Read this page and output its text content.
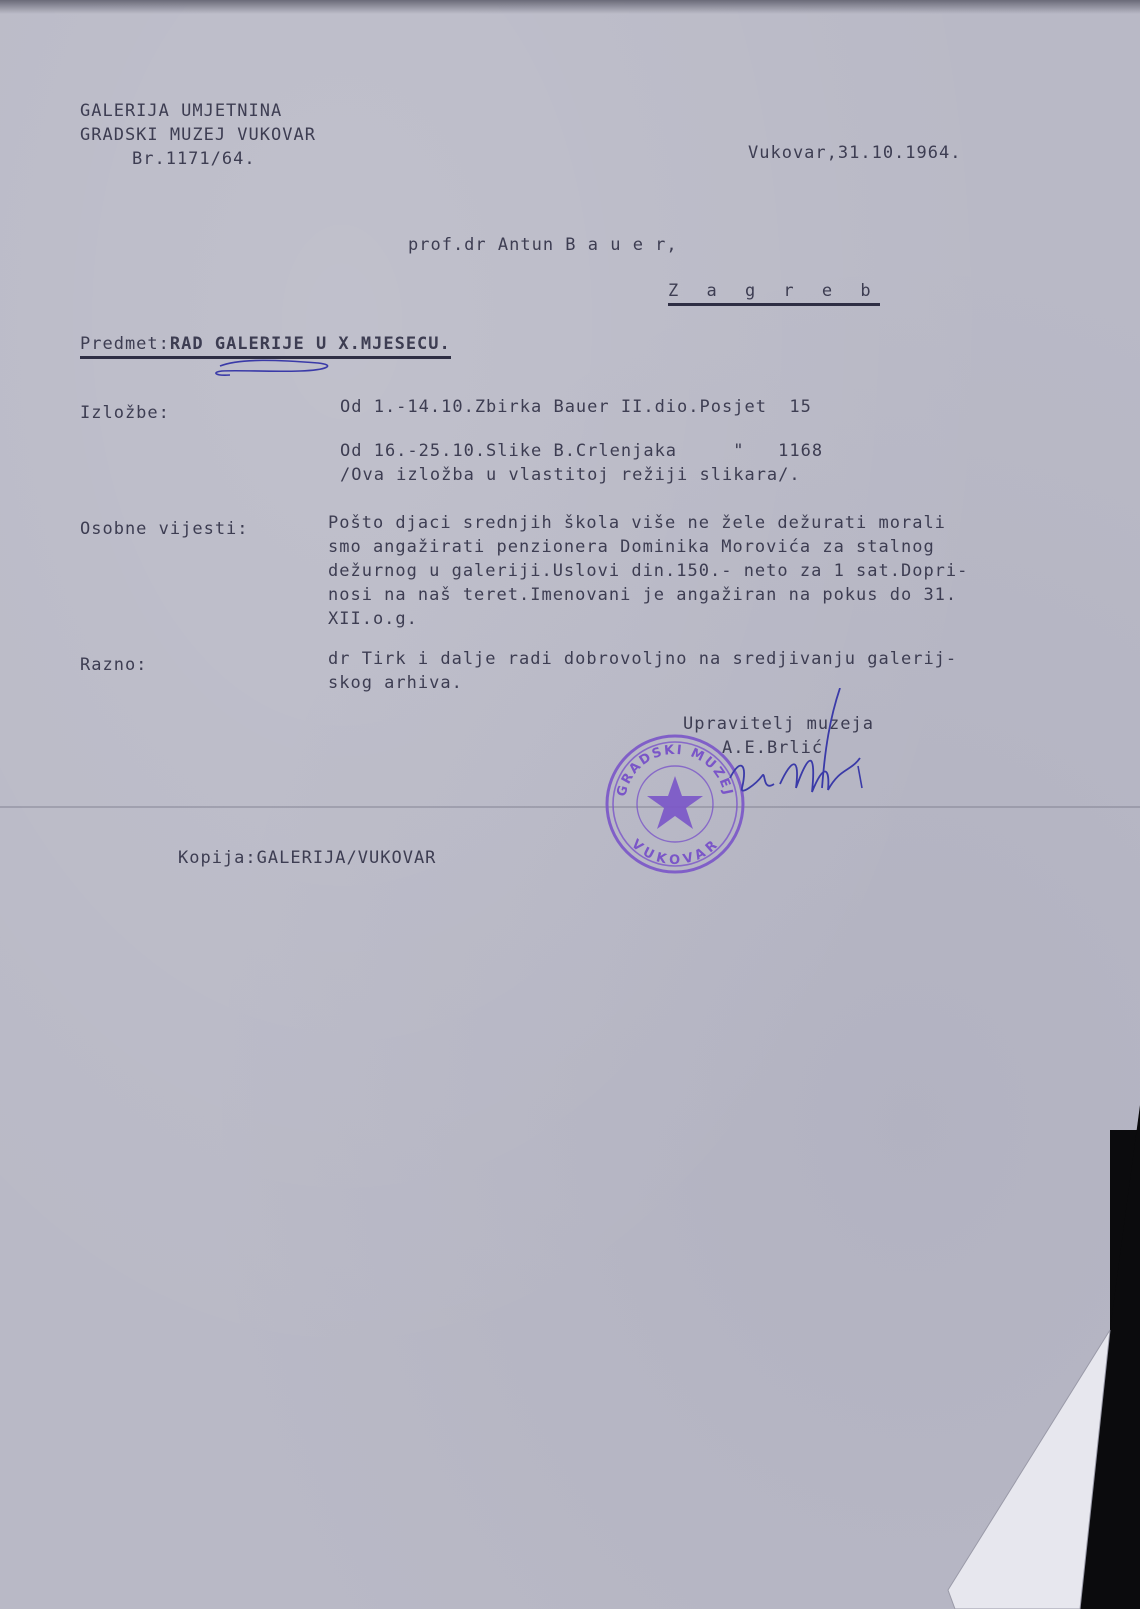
GALERIJA UMJETNINA
GRADSKI MUZEJ VUKOVAR
Br.1171/64.	Vukovar,31.10.1964.
prof.dr Antun B a u e r,
Z a g r e b
Predmet:RAD GALERIJE U X.MJESECU.
Izložbe:	Od 1.-14.10.Zbirka Bauer II.dio.Posjet  15
Od 16.-25.10.Slike B.Crlenjaka     "   1168
/Ova izložba u vlastitoj režiji slikara/.
Osobne vijesti:	Pošto djaci srednjih škola više ne žele dežurati morali
smo angažirati penzionera Dominika Morovića za stalnog
dežurnog u galeriji.Uslovi din.150.- neto za 1 sat.Dopri-
nosi na naš teret.Imenovani je angažiran na pokus do 31.
XII.o.g.
Razno:	dr Tirk i dalje radi dobrovoljno na sredjivanju galerij-
skog arhiva.
Upravitelj muzeja
A.E.Brlić
GRADSKI MUZEJ
VUKOVAR
Kopija:GALERIJA/VUKOVAR
